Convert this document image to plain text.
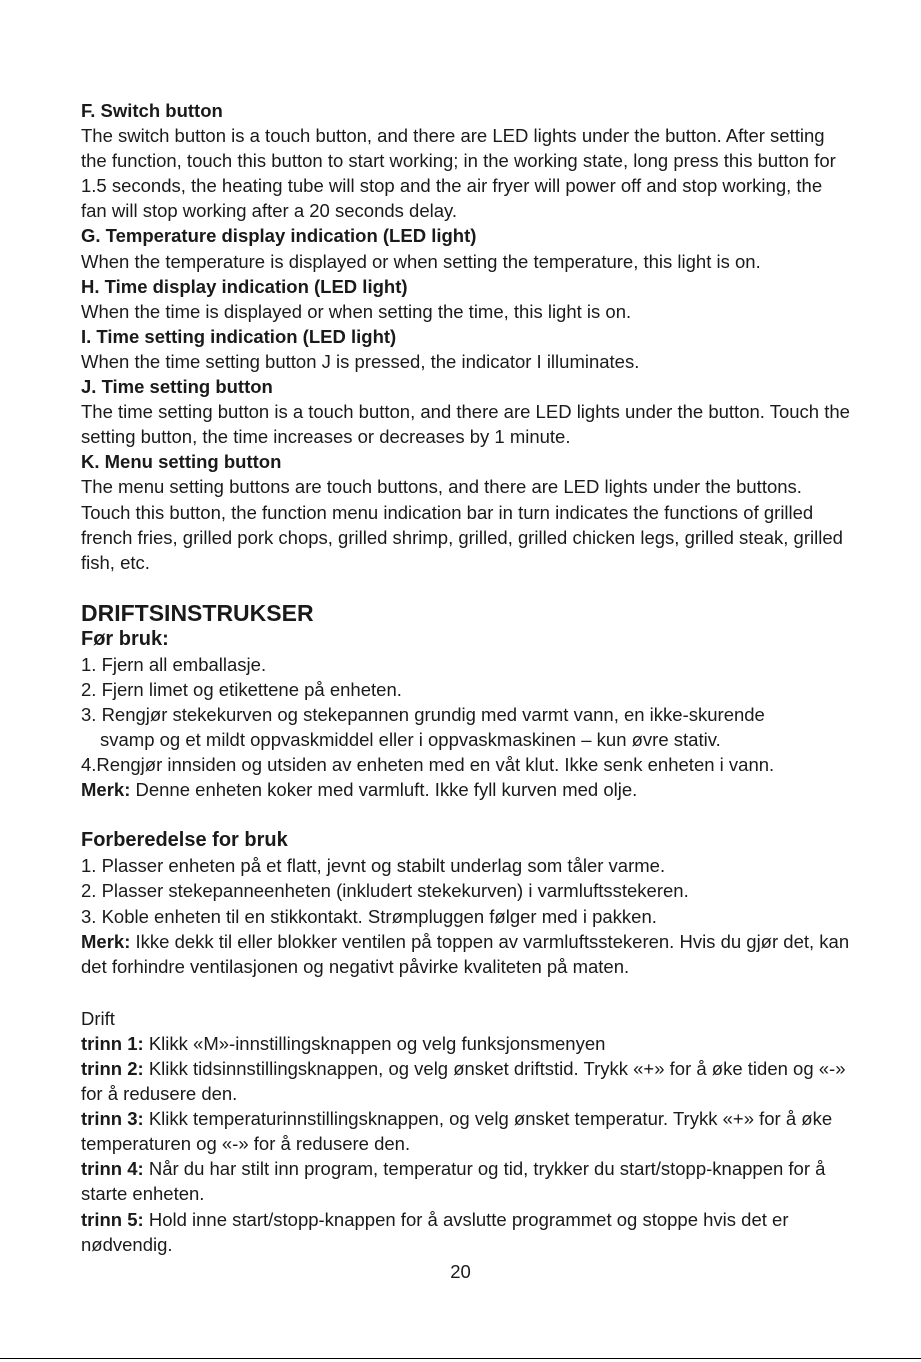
F. Switch button

The switch button is a touch button, and there are LED lights under the button. After setting the function, touch this button to start working; in the working state, long press this button for 1.5 seconds, the heating tube will stop and the air fryer will power off and stop working, the fan will stop working after a 20 seconds delay.

G. Temperature display indication (LED light)

When the temperature is displayed or when setting the temperature, this light is on.

H. Time display indication (LED light)

When the time is displayed or when setting the time, this light is on.

I. Time setting indication (LED light)

When the time setting button J is pressed, the indicator I illuminates.

J. Time setting button

The time setting button is a touch button, and there are LED lights under the button. Touch the setting button, the time increases or decreases by 1 minute.

K. Menu setting button

The menu setting buttons are touch buttons, and there are LED lights under the buttons. Touch this button, the function menu indication bar in turn indicates the functions of grilled french fries, grilled pork chops, grilled shrimp, grilled, grilled chicken legs, grilled steak, grilled fish, etc.

DRIFTSINSTRUKSER

Før bruk:

1. Fjern all emballasje.

2. Fjern limet og etikettene på enheten.

3. Rengjør stekekurven og stekepannen grundig med varmt vann, en ikke-skurende

svamp og et mildt oppvaskmiddel eller i oppvaskmaskinen – kun øvre stativ.

4.Rengjør innsiden og utsiden av enheten med en våt klut. Ikke senk enheten i vann.

Merk: Denne enheten koker med varmluft. Ikke fyll kurven med olje.

Forberedelse for bruk

1. Plasser enheten på et flatt, jevnt og stabilt underlag som tåler varme.

2. Plasser stekepanneenheten (inkludert stekekurven) i varmluftsstekeren.

3. Koble enheten til en stikkontakt. Strømpluggen følger med i pakken.

Merk: Ikke dekk til eller blokker ventilen på toppen av varmluftsstekeren. Hvis du gjør det, kan det forhindre ventilasjonen og negativt påvirke kvaliteten på maten.

Drift

trinn 1: Klikk «M»-innstillingsknappen og velg funksjonsmenyen

trinn 2: Klikk tidsinnstillingsknappen, og velg ønsket driftstid. Trykk «+» for å øke tiden og «-» for å redusere den.

trinn 3: Klikk temperaturinnstillingsknappen, og velg ønsket temperatur. Trykk «+» for å øke temperaturen og «-» for å redusere den.

trinn 4: Når du har stilt inn program, temperatur og tid, trykker du start/stopp-knappen for å starte enheten.

trinn 5: Hold inne start/stopp-knappen for å avslutte programmet og stoppe hvis det er nødvendig.

20
